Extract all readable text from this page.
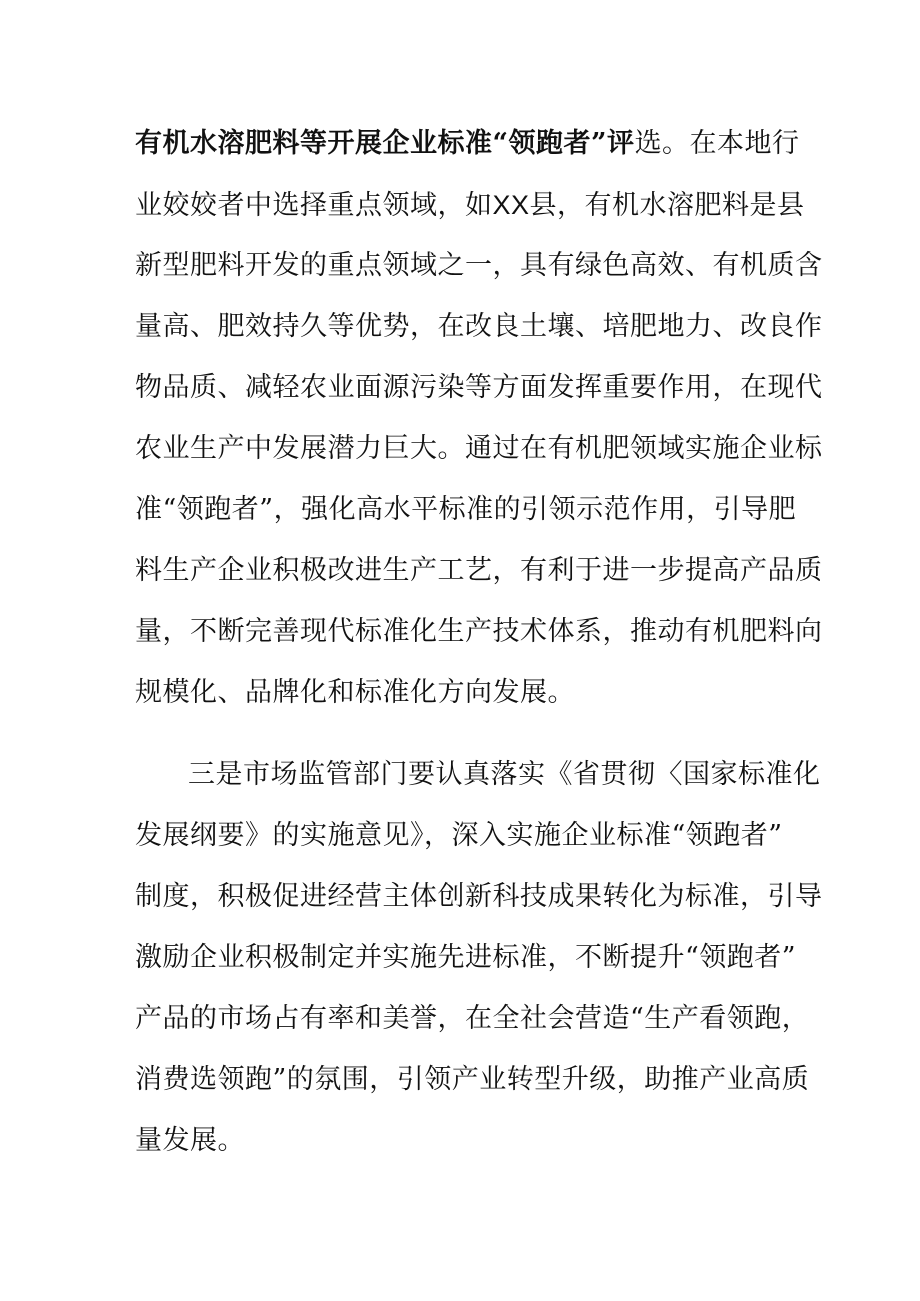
有机水溶肥料等开展企业标准“领跑者”评选。在本地行
业姣姣者中选择重点领域，如XX县，有机水溶肥料是县
新型肥料开发的重点领域之一，具有绿色高效、有机质含
量高、肥效持久等优势，在改良土壤、培肥地力、改良作
物品质、减轻农业面源污染等方面发挥重要作用，在现代
农业生产中发展潜力巨大。通过在有机肥领域实施企业标
准“领跑者”，强化高水平标准的引领示范作用，引导肥
料生产企业积极改进生产工艺，有利于进一步提高产品质
量，不断完善现代标准化生产技术体系，推动有机肥料向
规模化、品牌化和标准化方向发展。
三是市场监管部门要认真落实《省贯彻〈国家标准化
发展纲要》的实施意见》，深入实施企业标准“领跑者”
制度，积极促进经营主体创新科技成果转化为标准，引导
激励企业积极制定并实施先进标准，不断提升“领跑者”
产品的市场占有率和美誉，在全社会营造“生产看领跑，
消费选领跑”的氛围，引领产业转型升级，助推产业高质
量发展。
